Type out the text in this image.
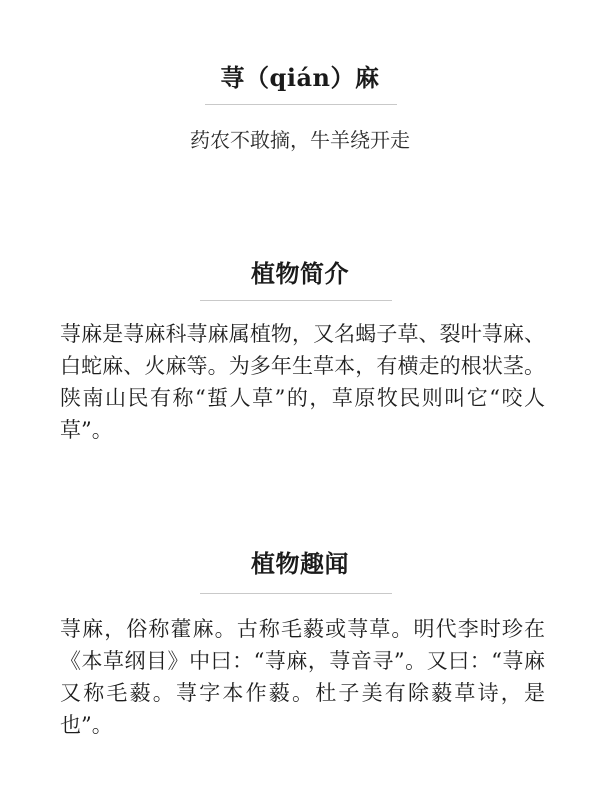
荨（qián）麻
药农不敢摘，牛羊绕开走
植物简介

荨麻是荨麻科荨麻属植物，又名蝎子草、裂叶荨麻、白蛇麻、火麻等。为多年生草本，有横走的根状茎。陕南山民有称“蜇人草”的，草原牧民则叫它“咬人草”。

植物趣闻

荨麻，俗称藿麻。古称毛藙或荨草。明代李时珍在《本草纲目》中曰：“荨麻，荨音寻”。又曰：“荨麻又称毛藙。荨字本作藙。杜子美有除藙草诗，是也”。
